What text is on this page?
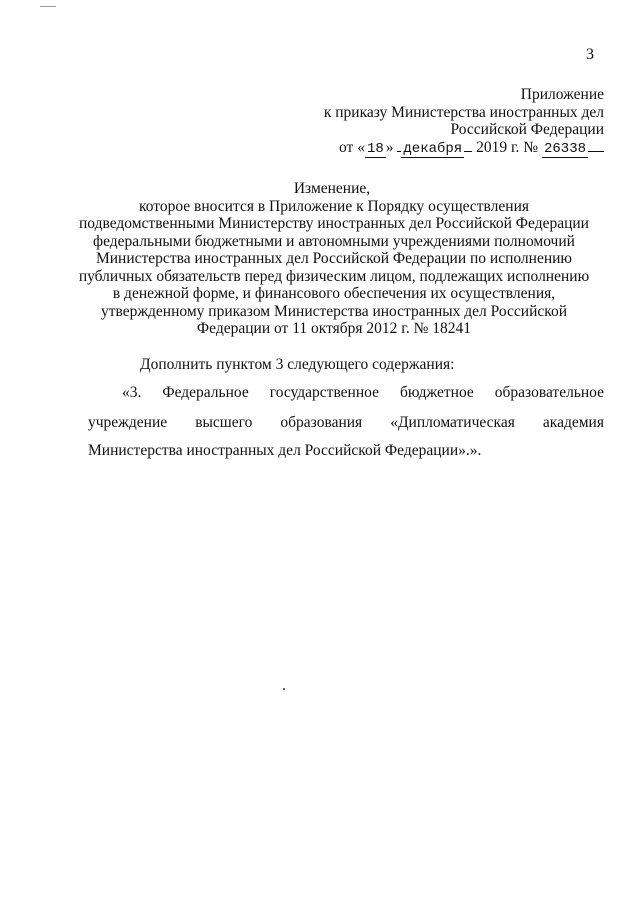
3
Приложение
к приказу Министерства иностранных дел
Российской Федерации
от « 18 » декабря 2019 г. № 26338
Изменение,
которое вносится в Приложение к Порядку осуществления
подведомственными Министерству иностранных дел Российской Федерации
федеральными бюджетными и автономными учреждениями полномочий
Министерства иностранных дел Российской Федерации по исполнению
публичных обязательств перед физическим лицом, подлежащих исполнению
в денежной форме, и финансового обеспечения их осуществления,
утвержденному приказом Министерства иностранных дел Российской
Федерации от 11 октября 2012 г. № 18241

Дополнить пунктом 3 следующего содержания:

«3. Федеральное государственное бюджетное образовательное
учреждение высшего образования «Дипломатическая академия
Министерства иностранных дел Российской Федерации».».
